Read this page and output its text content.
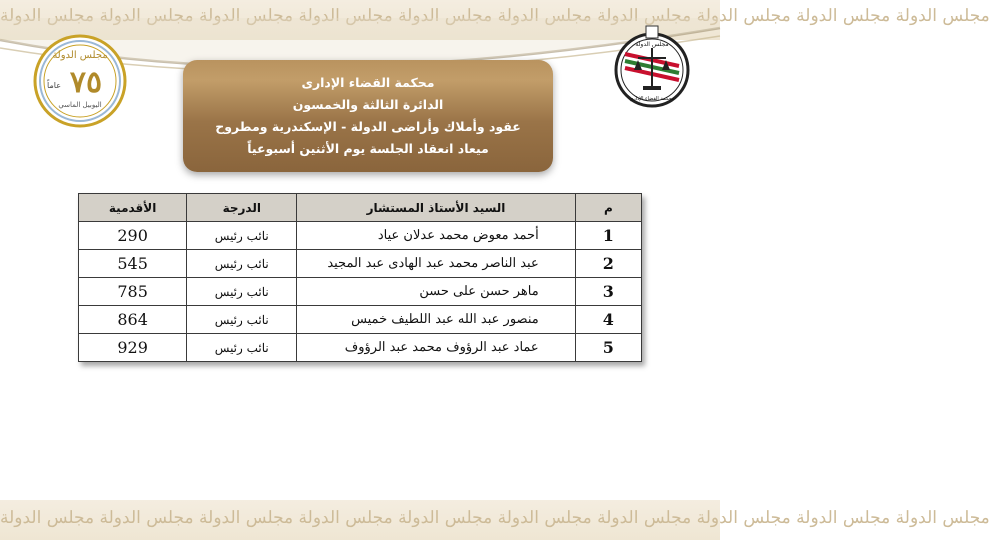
مجلس الدولة مجلس الدولة مجلس الدولة مجلس الدولة مجلس الدولة مجلس الدولة مجلس الدولة مجلس الدولة مجلس الدولة مجلس الدولة
مجلس الدولة
٧٥
عاماً
اليوبيل الماسي
مجلس الدولة
محكمة القضاء الإداري
محكمة القضاء الإدارى
الدائرة الثالثة والخمسون
عقود وأملاك وأراضى الدولة - الإسكندرية ومطروح
ميعاد انعقاد الجلسة يوم الأثنين أسبوعياً
م	السيد الأستاذ المستشار	الدرجة	الأقدمية
1	أحمد معوض محمد عدلان عياد	نائب رئيس	290
2	عبد الناصر محمد عبد الهادى عبد المجيد	نائب رئيس	545
3	ماهر حسن على حسن	نائب رئيس	785
4	منصور عبد الله عبد اللطيف خميس	نائب رئيس	864
5	عماد عبد الرؤوف محمد عبد الرؤوف	نائب رئيس	929
مجلس الدولة مجلس الدولة مجلس الدولة مجلس الدولة مجلس الدولة مجلس الدولة مجلس الدولة مجلس الدولة مجلس الدولة مجلس الدولة
